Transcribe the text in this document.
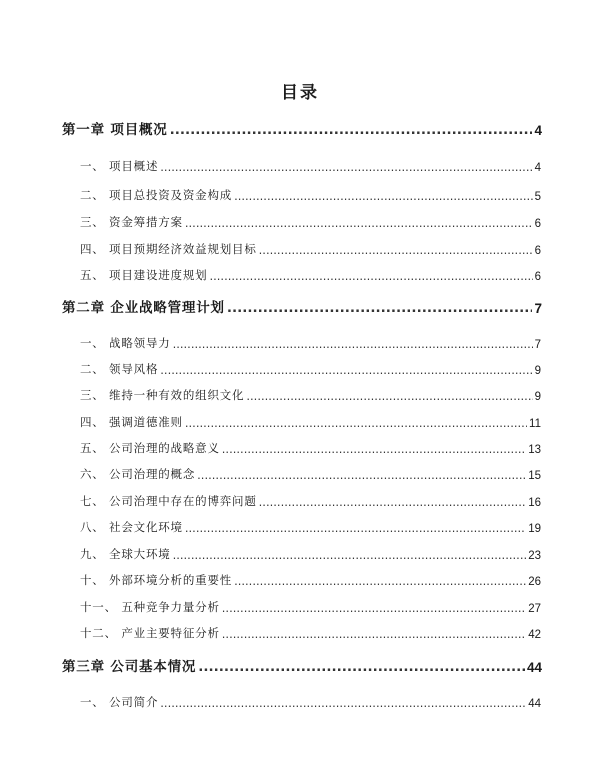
目录
第一章 项目概况 .....	4
一、 项目概述 .....	4
二、 项目总投资及资金构成 .....	5
三、 资金筹措方案 .....	6
四、 项目预期经济效益规划目标 .....	6
五、 项目建设进度规划 .....	6
第二章 企业战略管理计划 .....	7
一、 战略领导力 .....	7
二、 领导风格 .....	9
三、 维持一种有效的组织文化 .....	9
四、 强调道德准则 .....	11
五、 公司治理的战略意义 .....	13
六、 公司治理的概念 .....	15
七、 公司治理中存在的博弈问题 .....	16
八、 社会文化环境 .....	19
九、 全球大环境 .....	23
十、 外部环境分析的重要性 .....	26
十一、 五种竞争力量分析 .....	27
十二、 产业主要特征分析 .....	42
第三章 公司基本情况 .....	44
一、 公司简介 .....	44
